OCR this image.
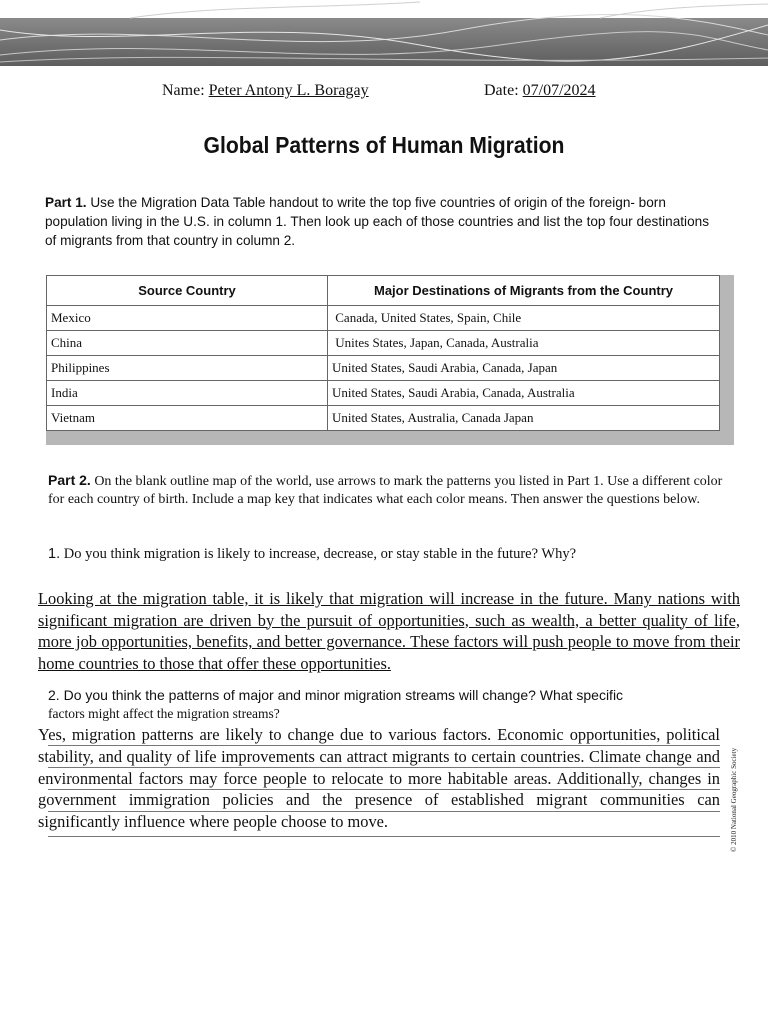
Name: Peter Antony L. Boragay	Date: 07/07/2024
Global Patterns of Human Migration
Part 1. Use the Migration Data Table handout to write the top five countries of origin of the foreign- born population living in the U.S. in column 1. Then look up each of those countries and list the top four destinations of migrants from that country in column 2.
Source Country	Major Destinations of Migrants from the Country
Mexico	Canada, United States, Spain, Chile
China	Unites States, Japan, Canada, Australia
Philippines	United States, Saudi Arabia, Canada, Japan
India	United States, Saudi Arabia, Canada, Australia
Vietnam	United States, Australia, Canada Japan
Part 2. On the blank outline map of the world, use arrows to mark the patterns you listed in Part 1. Use a different color for each country of birth. Include a map key that indicates what each color means. Then answer the questions below.
1. Do you think migration is likely to increase, decrease, or stay stable in the future? Why?
Looking at the migration table, it is likely that migration will increase in the future. Many nations with significant migration are driven by the pursuit of opportunities, such as wealth, a better quality of life, more job opportunities, benefits, and better governance. These factors will push people to move from their home countries to those that offer these opportunities.
2. Do you think the patterns of major and minor migration streams will change? What specific
factors might affect the migration streams?
Yes, migration patterns are likely to change due to various factors. Economic opportunities, political stability, and quality of life improvements can attract migrants to certain countries. Climate change and environmental factors may force people to relocate to more habitable areas. Additionally, changes in government immigration policies and the presence of established migrant communities can significantly influence where people choose to move.	© 2010 National Geographic Society
